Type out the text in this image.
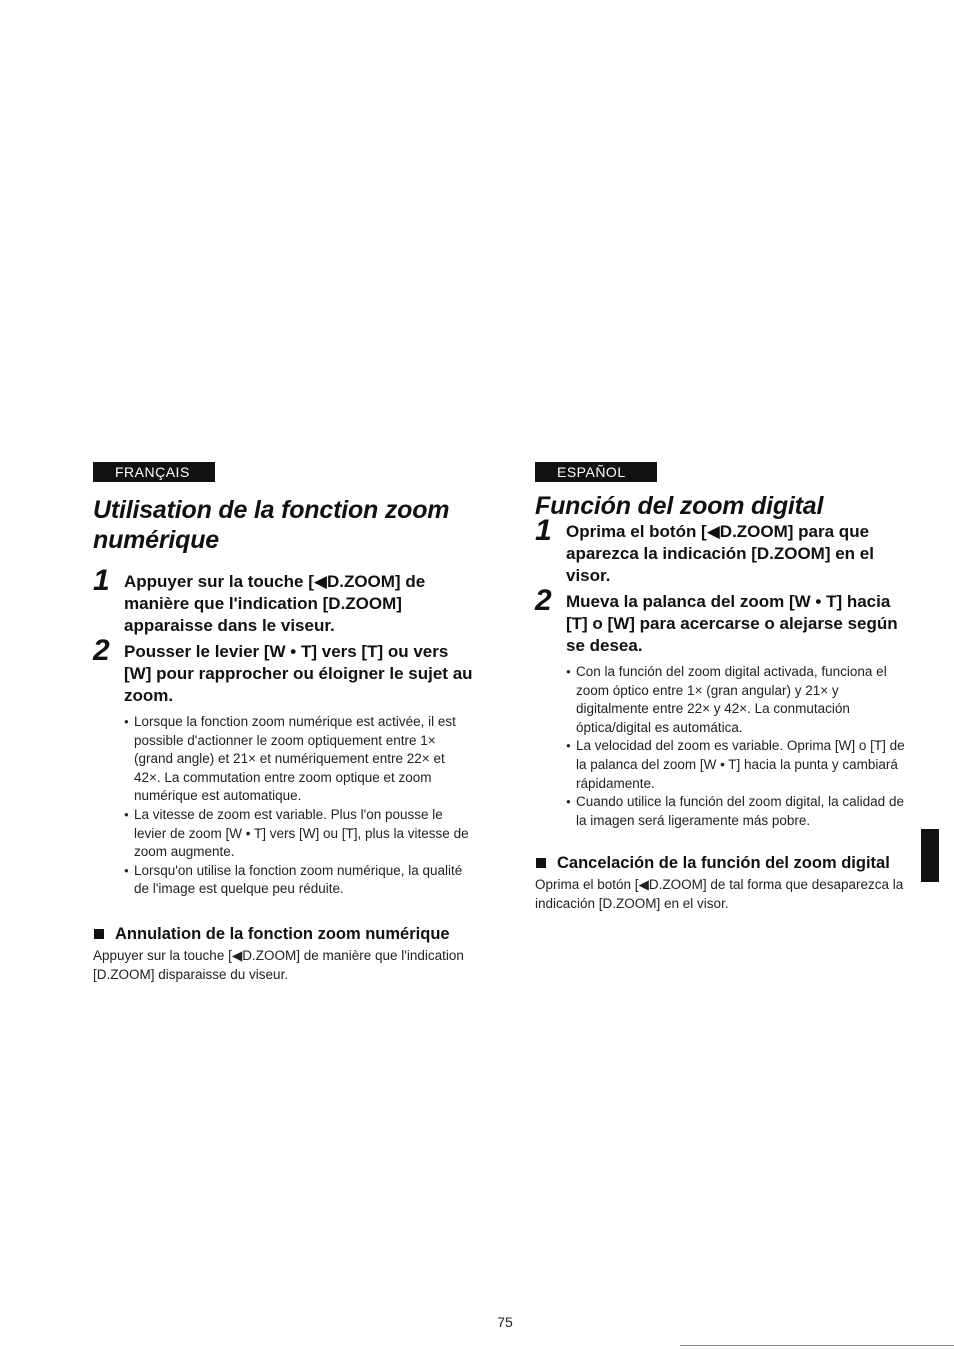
FRANÇAIS
Utilisation de la fonction zoom numérique
1 Appuyer sur la touche [◀D.ZOOM] de manière que l'indication [D.ZOOM] apparaisse dans le viseur.
2 Pousser le levier [W • T] vers [T] ou vers [W] pour rapprocher ou éloigner le sujet au zoom.
● Lorsque la fonction zoom numérique est activée, il est possible d'actionner le zoom optiquement entre 1× (grand angle) et 21× et numériquement entre 22× et 42×. La commutation entre zoom optique et zoom numérique est automatique.
● La vitesse de zoom est variable. Plus l'on pousse le levier de zoom [W • T] vers [W] ou [T], plus la vitesse de zoom augmente.
● Lorsqu'on utilise la fonction zoom numérique, la qualité de l'image est quelque peu réduite.
Annulation de la fonction zoom numérique

Appuyer sur la touche [◀D.ZOOM] de manière que l'indication [D.ZOOM] disparaisse du viseur.

ESPAÑOL
Función del zoom digital
1 Oprima el botón [◀D.ZOOM] para que aparezca la indicación [D.ZOOM] en el visor.
2 Mueva la palanca del zoom [W • T] hacia [T] o [W] para acercarse o alejarse según se desea.
● Con la función del zoom digital activada, funciona el zoom óptico entre 1× (gran angular) y 21× y digitalmente entre 22× y 42×. La conmutación óptica/digital es automática.
● La velocidad del zoom es variable. Oprima [W] o [T] de la palanca del zoom [W • T] hacia la punta y cambiará rápidamente.
● Cuando utilice la función del zoom digital, la calidad de la imagen será ligeramente más pobre.
Cancelación de la función del zoom digital

Oprima el botón [◀D.ZOOM] de tal forma que desaparezca la indicación [D.ZOOM] en el visor.

75
